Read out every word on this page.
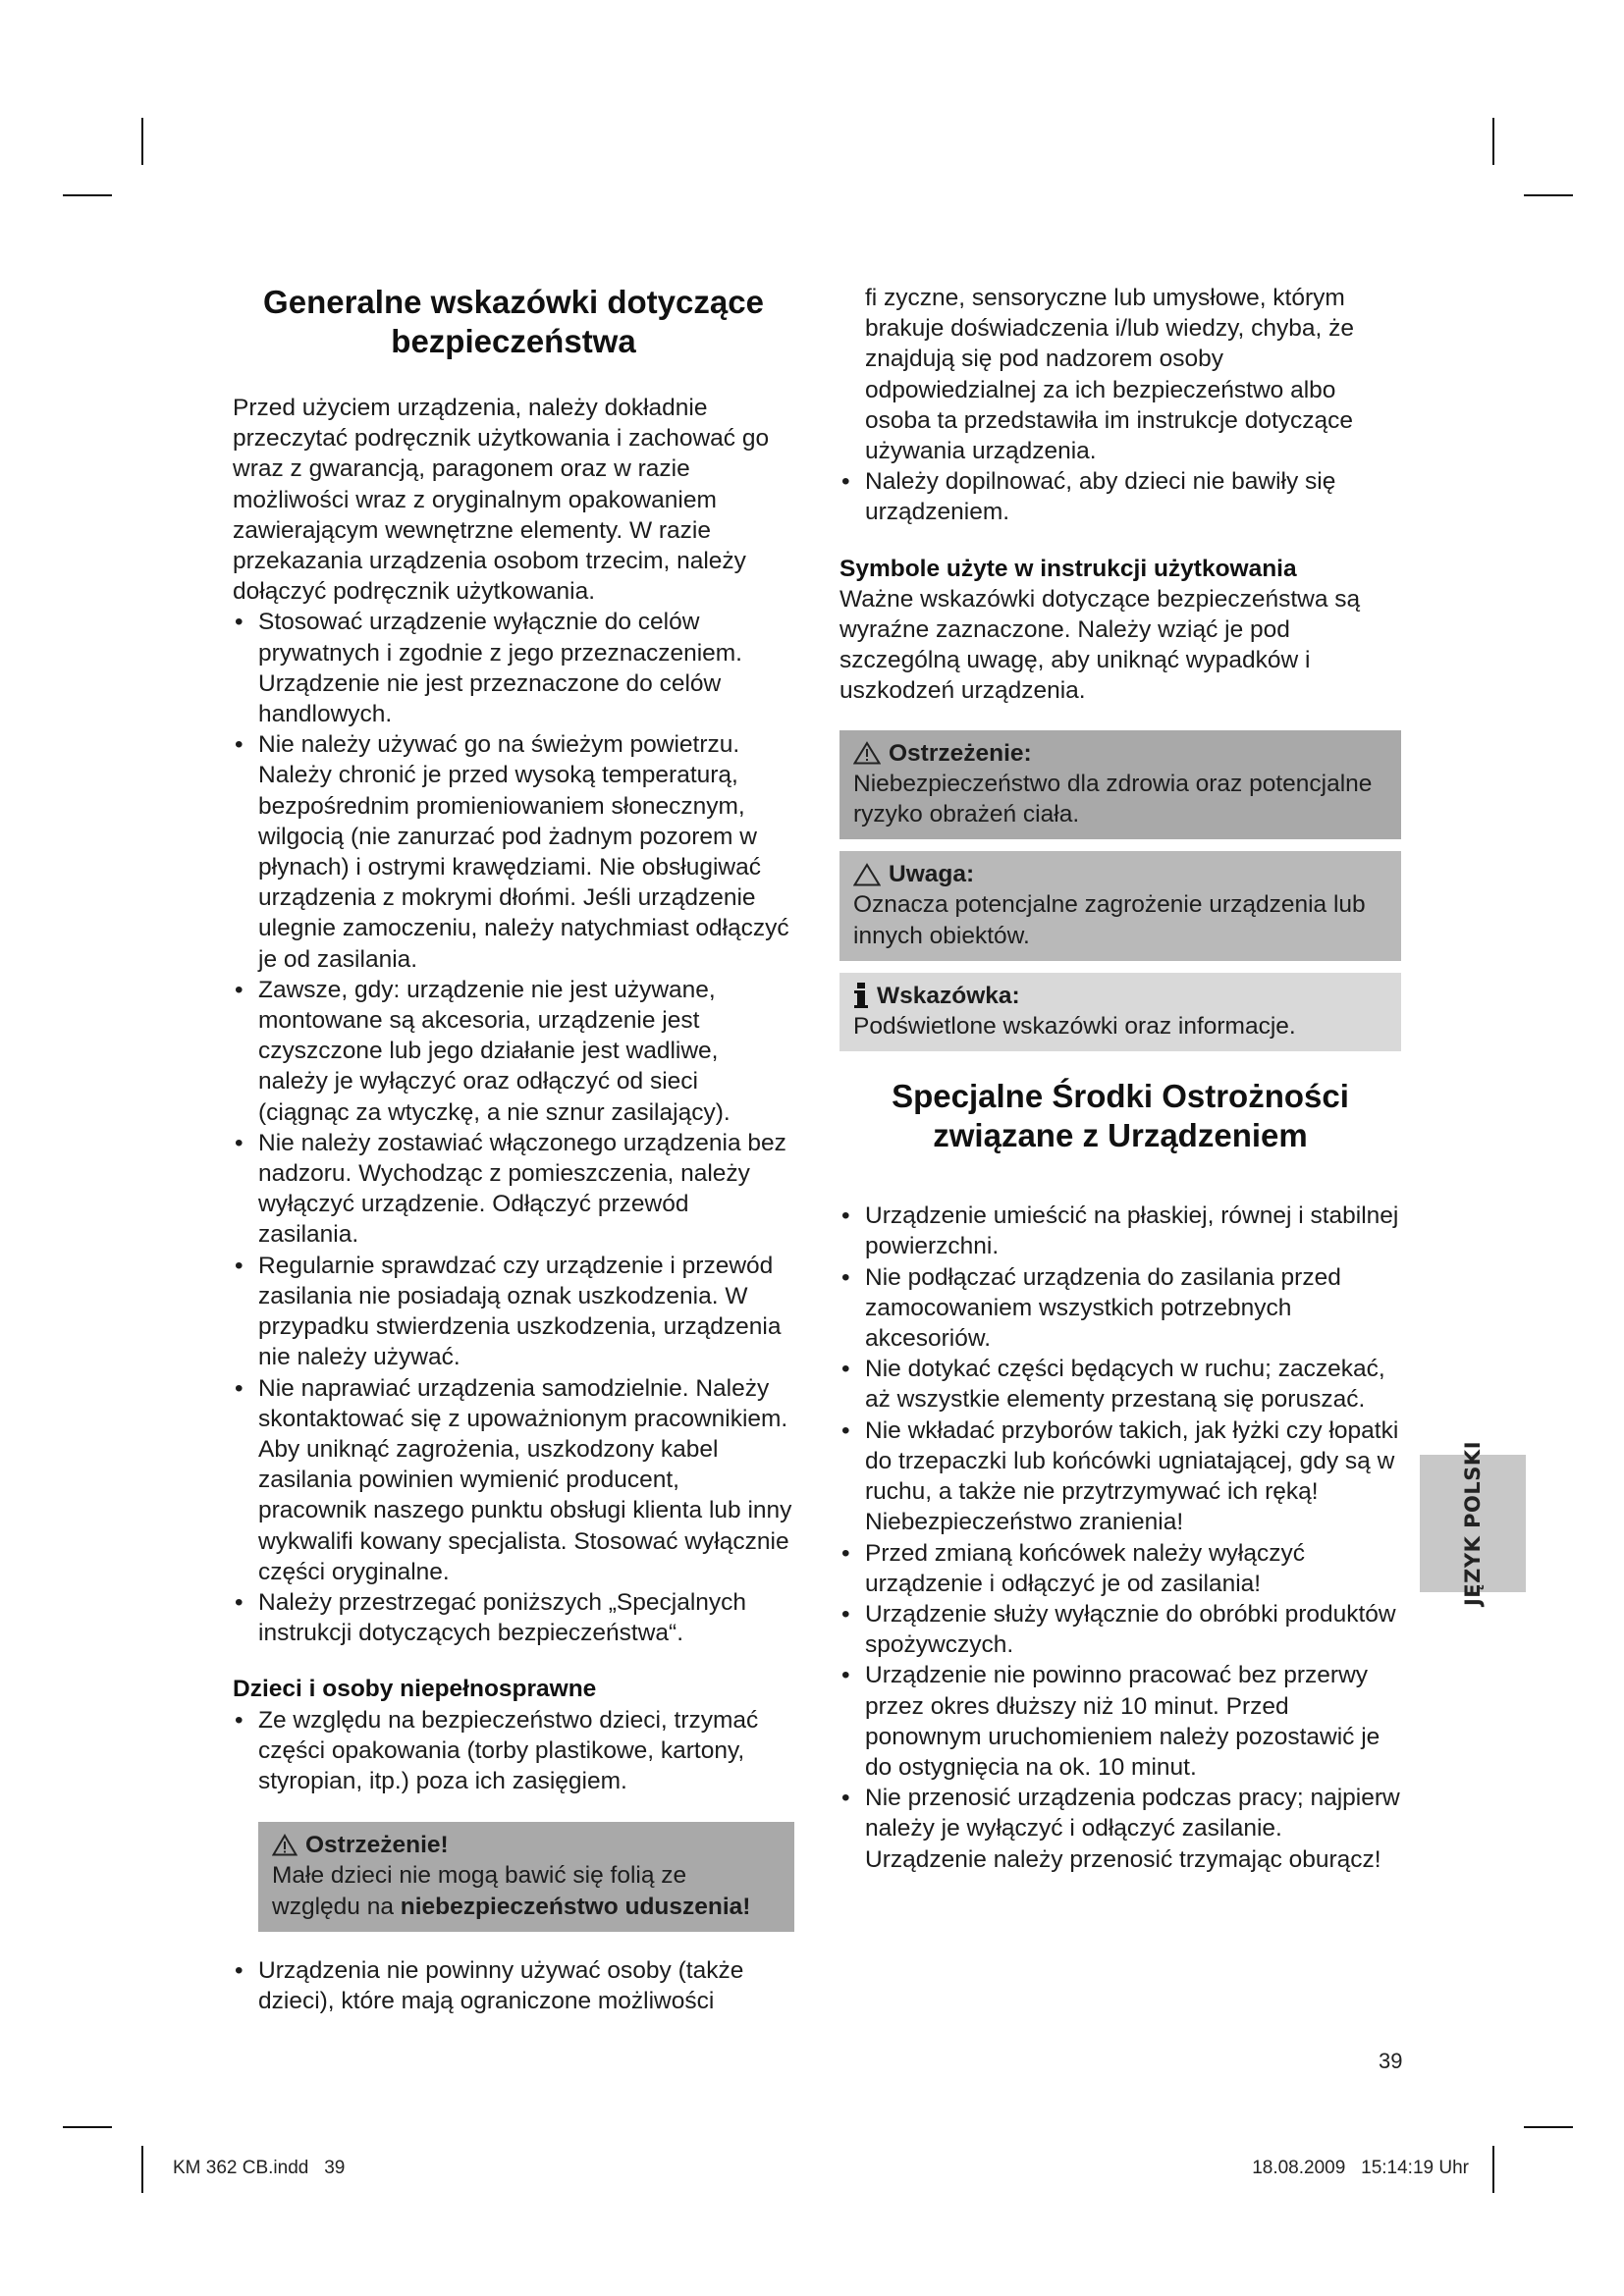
Generalne wskazówki dotyczące bezpieczeństwa

Przed użyciem urządzenia, należy dokładnie przeczytać podręcznik użytkowania i zachować go wraz z gwarancją, paragonem oraz w razie możliwości wraz z oryginalnym opakowaniem zawierającym wewnętrzne elementy. W razie przekazania urządzenia osobom trzecim, należy dołączyć podręcznik użytkowania.

• Stosować urządzenie wyłącznie do celów prywatnych i zgodnie z jego przeznaczeniem. Urządzenie nie jest przeznaczone do celów handlowych.
• Nie należy używać go na świeżym powietrzu. Należy chronić je przed wysoką temperaturą, bezpośrednim promieniowaniem słonecznym, wilgocią (nie zanurzać pod żadnym pozorem w płynach) i ostrymi krawędziami. Nie obsługiwać urządzenia z mokrymi dłońmi. Jeśli urządzenie ulegnie zamoczeniu, należy natychmiast odłączyć je od zasilania.
• Zawsze, gdy: urządzenie nie jest używane, montowane są akcesoria, urządzenie jest czyszczone lub jego działanie jest wadliwe, należy je wyłączyć oraz odłączyć od sieci (ciągnąc za wtyczkę, a nie sznur zasilający).
• Nie należy zostawiać włączonego urządzenia bez nadzoru. Wychodząc z pomieszczenia, należy wyłączyć urządzenie. Odłączyć przewód zasilania.
• Regularnie sprawdzać czy urządzenie i przewód zasilania nie posiadają oznak uszkodzenia. W przypadku stwierdzenia uszkodzenia, urządzenia nie należy używać.
• Nie naprawiać urządzenia samodzielnie. Należy skontaktować się z upoważnionym pracownikiem. Aby uniknąć zagrożenia, uszkodzony kabel zasilania powinien wymienić producent, pracownik naszego punktu obsługi klienta lub inny wykwalifi kowany specjalista. Stosować wyłącznie części oryginalne.
• Należy przestrzegać poniższych „Specjalnych instrukcji dotyczących bezpieczeństwa“.
Dzieci i osoby niepełnosprawne
• Ze względu na bezpieczeństwo dzieci, trzymać części opakowania (torby plastikowe, kartony, styropian, itp.) poza ich zasięgiem.
Ostrzeżenie!

Małe dzieci nie mogą bawić się folią ze względu na niebezpieczeństwo uduszenia!

• Urządzenia nie powinny używać osoby (także dzieci), które mają ograniczone możliwości

fi zyczne, sensoryczne lub umysłowe, którym brakuje doświadczenia i/lub wiedzy, chyba, że znajdują się pod nadzorem osoby odpowiedzialnej za ich bezpieczeństwo albo osoba ta przedstawiła im instrukcje dotyczące używania urządzenia.

• Należy dopilnować, aby dzieci nie bawiły się urządzeniem.
Symbole użyte w instrukcji użytkowania

Ważne wskazówki dotyczące bezpieczeństwa są wyraźne zaznaczone. Należy wziąć je pod szczególną uwagę, aby uniknąć wypadków i uszkodzeń urządzenia.

Ostrzeżenie:

Niebezpieczeństwo dla zdrowia oraz potencjalne ryzyko obrażeń ciała.

Uwaga:

Oznacza potencjalne zagrożenie urządzenia lub innych obiektów.

Wskazówka:

Podświetlone wskazówki oraz informacje.

Specjalne Środki Ostrożności związane z Urządzeniem
• Urządzenie umieścić na płaskiej, równej i stabilnej powierzchni.
• Nie podłączać urządzenia do zasilania przed zamocowaniem wszystkich potrzebnych akcesoriów.
• Nie dotykać części będących w ruchu; zaczekać, aż wszystkie elementy przestaną się poruszać.
• Nie wkładać przyborów takich, jak łyżki czy łopatki do trzepaczki lub końcówki ugniatającej, gdy są w ruchu, a także nie przytrzymywać ich ręką! Niebezpieczeństwo zranienia!
• Przed zmianą końcówek należy wyłączyć urządzenie i odłączyć je od zasilania!
• Urządzenie służy wyłącznie do obróbki produktów spożywczych.
• Urządzenie nie powinno pracować bez przerwy przez okres dłuższy niż 10 minut. Przed ponownym uruchomieniem należy pozostawić je do ostygnięcia na ok. 10 minut.
• Nie przenosić urządzenia podczas pracy; najpierw należy je wyłączyć i odłączyć zasilanie. Urządzenie należy przenosić trzymając oburącz!
JĘZYK POLSKI
39
KM 362 CB.indd   39	18.08.2009   15:14:19 Uhr
